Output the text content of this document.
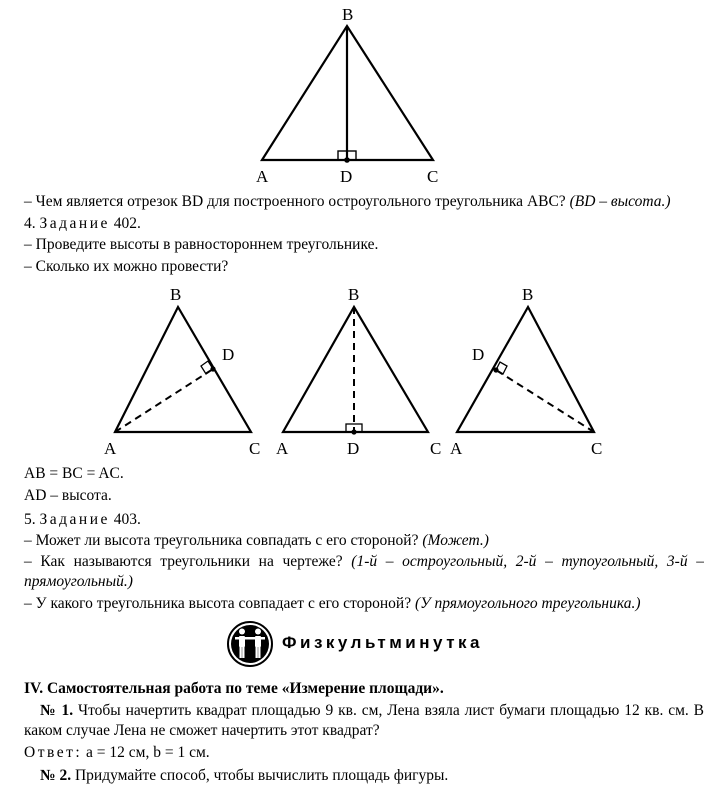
B
A	D	C
– Чем является отрезок BD для построенного остроугольного треугольника ABC? (BD – высота.)
4. Задание 402.
– Проведите высоты в равностороннем треугольнике.
– Сколько их можно провести?
B
D
A	C
B
A	D	C
B
D
A	C
AB = BC = AC.
AD – высота.
5. Задание 403.
– Может ли высота треугольника совпадать с его стороной? (Может.)
– Как называются треугольники на чертеже? (1-й – остроугольный, 2-й – тупоугольный, 3-й – прямоугольный.)
– У какого треугольника высота совпадает с его стороной? (У прямоугольного треугольника.)
Физкультминутка
IV. Самостоятельная работа по теме «Измерение площади».
№ 1. Чтобы начертить квадрат площадью 9 кв. см, Лена взяла лист бумаги площадью 12 кв. см. В каком случае Лена не сможет начертить этот квадрат?
Ответ: a = 12 см, b = 1 см.
№ 2. Придумайте способ, чтобы вычислить площадь фигуры.
